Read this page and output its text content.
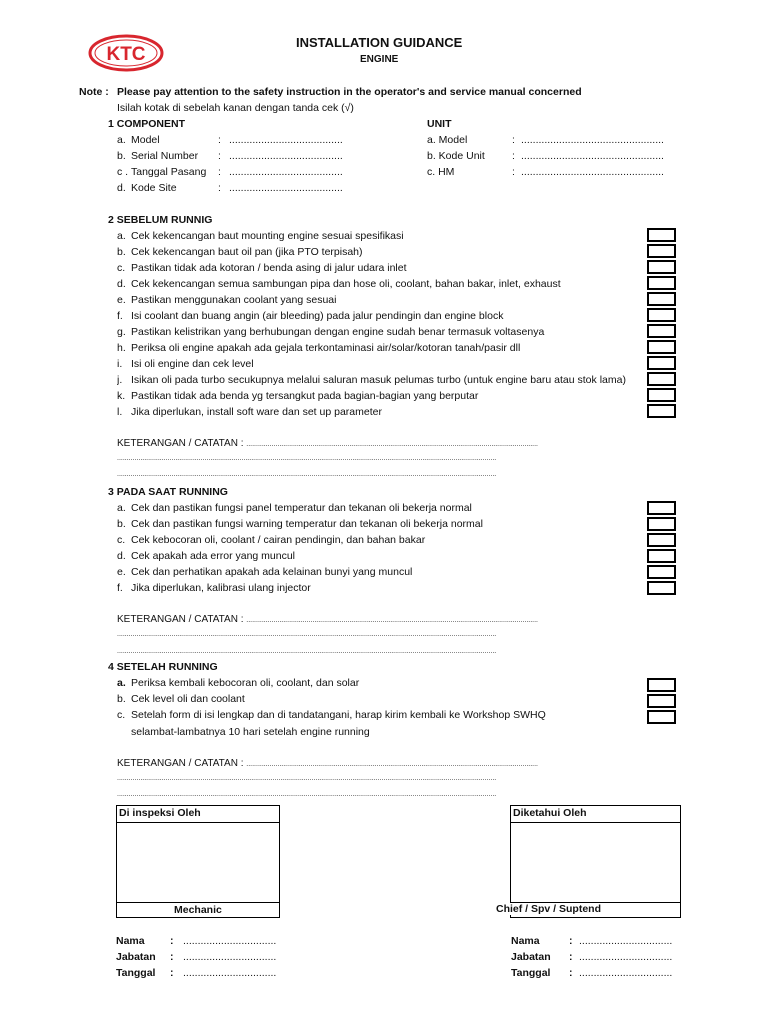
KTC
INSTALLATION GUIDANCE
ENGINE
Note : Please pay attention to the safety instruction in the operator's and service manual concerned
Isilah kotak di sebelah kanan dengan tanda cek (√)
1 COMPONENT
a. Model	: .......................................
b. Serial Number : .......................................
c . Tanggal Pasang : .......................................
d. Kode Site	: .......................................
UNIT
a. Model	: .................................................
b. Kode Unit	: .................................................
c. HM	: .................................................
2 SEBELUM RUNNIG
a. Cek kekencangan baut mounting engine sesuai spesifikasi
b. Cek kekencangan baut oil pan (jika PTO terpisah)
c. Pastikan tidak ada kotoran / benda asing di jalur udara inlet
d. Cek kekencangan semua sambungan pipa dan hose oli, coolant, bahan bakar, inlet, exhaust
e. Pastikan menggunakan coolant yang sesuai
f. Isi coolant dan buang angin (air bleeding) pada jalur pendingin dan engine block
g. Pastikan kelistrikan yang berhubungan dengan engine sudah benar termasuk voltasenya
h. Periksa oli engine apakah ada gejala terkontaminasi air/solar/kotoran tanah/pasir dll
i. Isi oli engine dan cek level
j. Isikan oli pada turbo secukupnya melalui saluran masuk pelumas turbo (untuk engine baru atau stok lama)
k. Pastikan tidak ada benda yg tersangkut pada bagian-bagian yang berputar
l. Jika diperlukan, install soft ware dan set up parameter
KETERANGAN / CATATAN : ......................................................................................................................................................
...................................................................................................................................................................................................
...................................................................................................................................................................................................
3 PADA SAAT RUNNING
a. Cek dan pastikan fungsi panel temperatur dan tekanan oli bekerja normal
b. Cek dan pastikan fungsi warning temperatur dan tekanan oli bekerja normal
c. Cek kebocoran oli, coolant / cairan pendingin, dan bahan bakar
d. Cek apakah ada error yang muncul
e. Cek dan perhatikan apakah ada kelainan bunyi yang muncul
f. Jika diperlukan, kalibrasi ulang injector
KETERANGAN / CATATAN : ......................................................................................................................................................
...................................................................................................................................................................................................
...................................................................................................................................................................................................
4 SETELAH RUNNING
a. Periksa kembali kebocoran oli, coolant, dan solar
b. Cek level oli dan coolant
c. Setelah form di isi lengkap dan di tandatangani, harap kirim kembali ke Workshop SWHQ
selambat-lambatnya 10 hari setelah engine running
KETERANGAN / CATATAN : ......................................................................................................................................................
...................................................................................................................................................................................................
...................................................................................................................................................................................................
Di inspeksi Oleh
Mechanic
Diketahui Oleh
Chief / Spv / Suptend
Nama : ................................
Jabatan : ................................
Tanggal : ................................
Nama	: ................................
Jabatan : ................................
Tanggal : ................................
